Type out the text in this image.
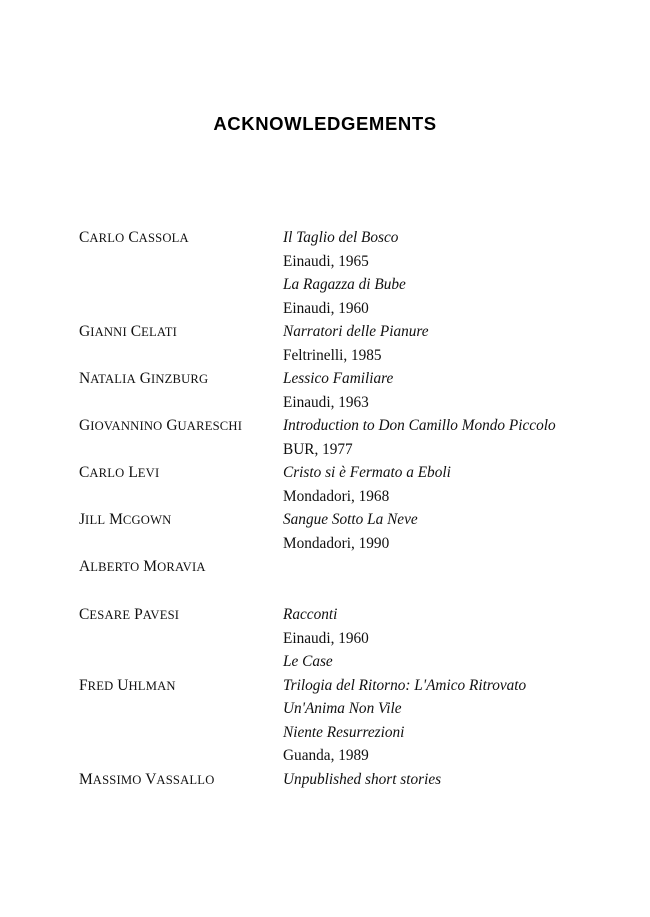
ACKNOWLEDGEMENTS
CARLO CASSOLA	Il Taglio del Bosco
Einaudi, 1965
La Ragazza di Bube
Einaudi, 1960
GIANNI CELATI	Narratori delle Pianure
Feltrinelli, 1985
NATALIA GINZBURG	Lessico Familiare
Einaudi, 1963
GIOVANNINO GUARESCHI	Introduction to Don Camillo Mondo Piccolo
BUR, 1977
CARLO LEVI	Cristo si è Fermato a Eboli
Mondadori, 1968
JILL MCGOWN	Sangue Sotto La Neve
Mondadori, 1990
ALBERTO MORAVIA
CESARE PAVESI	Racconti
Einaudi, 1960
Le Case
FRED UHLMAN	Trilogia del Ritorno: L'Amico Ritrovato
Un'Anima Non Vile
Niente Resurrezioni
Guanda, 1989
MASSIMO VASSALLO	Unpublished short stories
